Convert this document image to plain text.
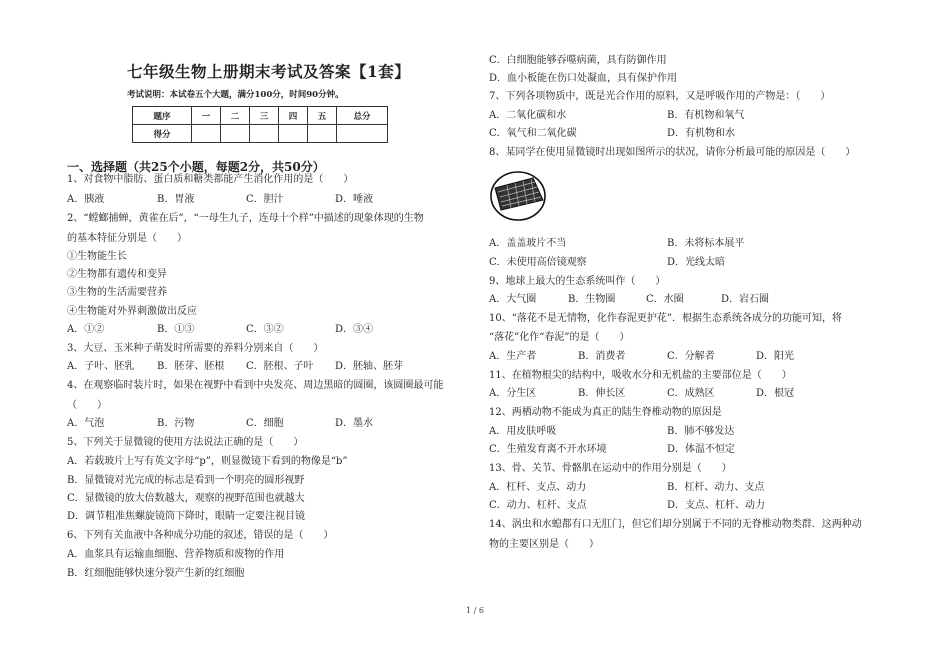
七年级生物上册期末考试及答案【1套】
考试说明：本试卷五个大题，满分100分，时间90分钟。
题序	一	二	三	四	五	总分
得分						
一、选择题（共25个小题，每题2分，共50分）
1、对食物中脂肪、蛋白质和糖类都能产生消化作用的是（　　）
A．胰液	B．胃液	C．胆汁	D．唾液
2、“螳螂捕蝉，黄雀在后”，“一母生九子，连母十个样”中描述的现象体现的生物
的基本特征分别是（　　）
①生物能生长
②生物都有遗传和变异
③生物的生活需要营养
④生物能对外界刺激做出反应
A．①②	B．①③	C．③②	D．③④
3、大豆、玉米种子萌发时所需要的养料分别来自（　　）
A．子叶、胚乳 B．胚芽、胚根 C．胚根、子叶 D．胚轴、胚芽
4、在观察临时装片时，如果在视野中看到中央发亮、周边黑暗的圆圈，该圆圈最可能
（　　）
A．气泡	B．污物	C．细胞	D．墨水
5、下列关于显微镜的使用方法说法正确的是（　　）
A．若载玻片上写有英文字母“p”，则显微镜下看到的物像是“b”
B．显微镜对光完成的标志是看到一个明亮的圆形视野
C．显微镜的放大倍数越大，观察的视野范围也就越大
D．调节粗准焦螺旋镜筒下降时，眼睛一定要注视目镜
6、下列有关血液中各种成分功能的叙述，错误的是（　　）
A．血浆具有运输血细胞、营养物质和废物的作用
B．红细胞能够快速分裂产生新的红细胞
C．白细胞能够吞噬病菌，具有防御作用
D．血小板能在伤口处凝血，具有保护作用
7、下列各项物质中，既是光合作用的原料，又是呼吸作用的产物是：（　　）
A．二氧化碳和水	B．有机物和氧气
C．氧气和二氧化碳	D．有机物和水
8、某同学在使用显微镜时出现如图所示的状况，请你分析最可能的原因是（　　）
A．盖盖玻片不当	B．未将标本展平
C．未使用高倍镜观察	D．光线太暗
9、地球上最大的生态系统叫作（　　）
A．大气圈	B．生物圈	C．水圈	D．岩石圈
10、“落花不是无情物，化作春泥更护花”．根据生态系统各成分的功能可知，将
“落花”化作“春泥”的是（　　）
A．生产者	B．消费者	C．分解者	D．阳光
11、在植物根尖的结构中，吸收水分和无机盐的主要部位是（　　）
A．分生区	B．伸长区	C．成熟区	D．根冠
12、两栖动物不能成为真正的陆生脊椎动物的原因是
A．用皮肤呼吸	B．肺不够发达
C．生殖发育离不开水环境	D．体温不恒定
13、骨、关节、骨骼肌在运动中的作用分别是（　　）
A．杠杆、支点、动力	B．杠杆、动力、支点
C．动力、杠杆、支点	D．支点、杠杆、动力
14、涡虫和水螅都有口无肛门，但它们却分别属于不同的无脊椎动物类群．这两种动
物的主要区别是（　　）
1 / 6
